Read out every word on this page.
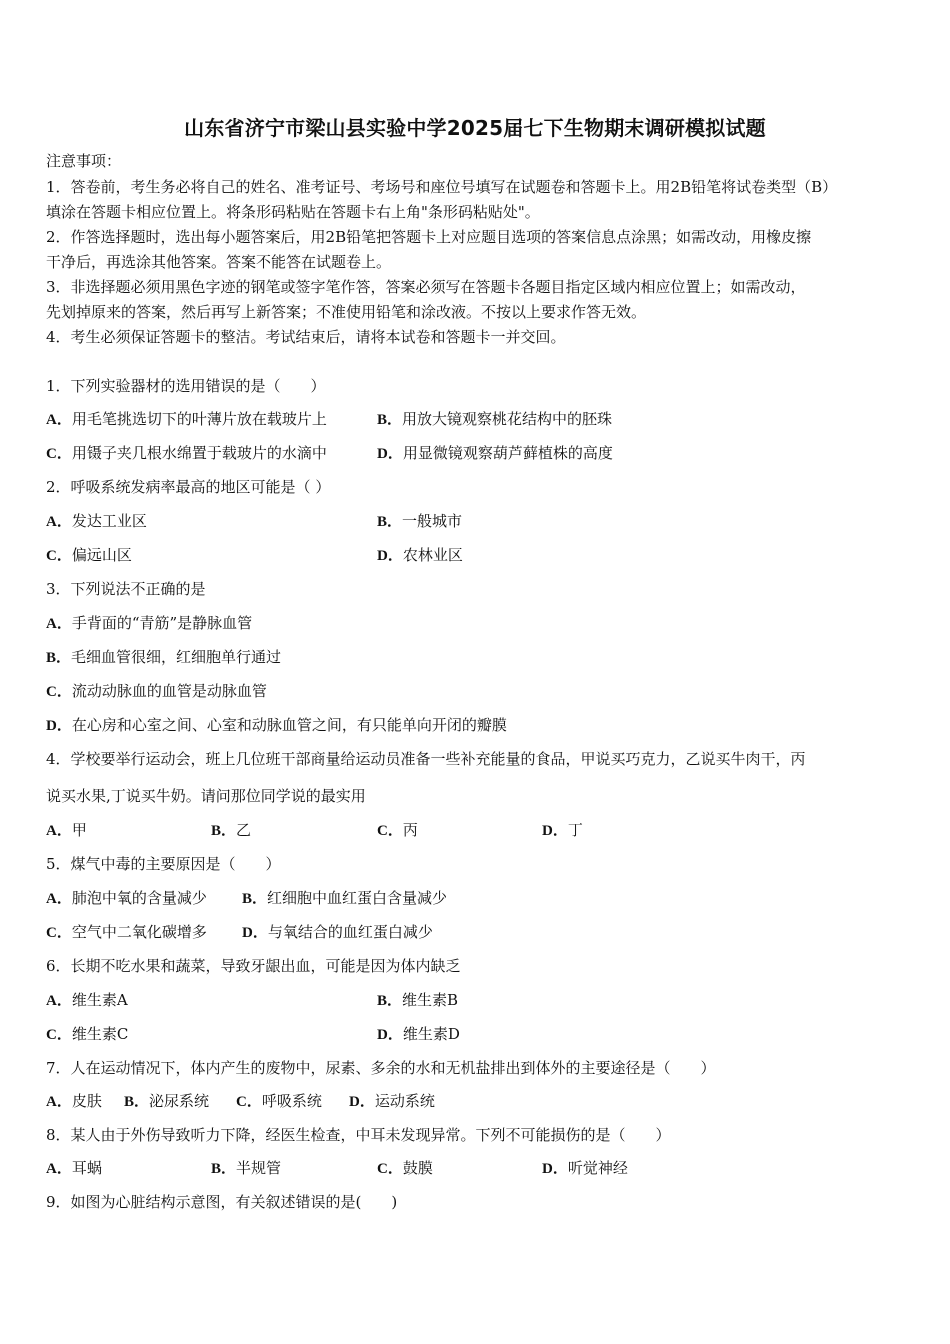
山东省济宁市梁山县实验中学2025届七下生物期末调研模拟试题
注意事项：
1．答卷前，考生务必将自己的姓名、准考证号、考场号和座位号填写在试题卷和答题卡上。用2B铅笔将试卷类型（B）
填涂在答题卡相应位置上。将条形码粘贴在答题卡右上角"条形码粘贴处"。
2．作答选择题时，选出每小题答案后，用2B铅笔把答题卡上对应题目选项的答案信息点涂黑；如需改动，用橡皮擦
干净后，再选涂其他答案。答案不能答在试题卷上。
3．非选择题必须用黑色字迹的钢笔或签字笔作答，答案必须写在答题卡各题目指定区域内相应位置上；如需改动，
先划掉原来的答案，然后再写上新答案；不准使用铅笔和涂改液。不按以上要求作答无效。
4．考生必须保证答题卡的整洁。考试结束后，请将本试卷和答题卡一并交回。
1．下列实验器材的选用错误的是（　　）
A．用毛笔挑选切下的叶薄片放在载玻片上	B．用放大镜观察桃花结构中的胚珠
C．用镊子夹几根水绵置于载玻片的水滴中	D．用显微镜观察葫芦藓植株的高度
2．呼吸系统发病率最高的地区可能是（ ）
A．发达工业区	B．一般城市
C．偏远山区	D．农林业区
3．下列说法不正确的是
A．手背面的“青筋”是静脉血管
B．毛细血管很细，红细胞单行通过
C．流动动脉血的血管是动脉血管
D．在心房和心室之间、心室和动脉血管之间，有只能单向开闭的瓣膜
4．学校要举行运动会，班上几位班干部商量给运动员准备一些补充能量的食品，甲说买巧克力，乙说买牛肉干，丙
说买水果,丁说买牛奶。请问那位同学说的最实用
A．甲	B．乙	C．丙	D．丁
5．煤气中毒的主要原因是（　　）
A．肺泡中氧的含量减少 B．红细胞中血红蛋白含量减少
C．空气中二氧化碳增多 D．与氧结合的血红蛋白减少
6．长期不吃水果和蔬菜，导致牙龈出血，可能是因为体内缺乏
A．维生素A	B．维生素B
C．维生素C	D．维生素D
7．人在运动情况下，体内产生的废物中，尿素、多余的水和无机盐排出到体外的主要途径是（　　）
A．皮肤 B．泌尿系统 C．呼吸系统 D．运动系统
8．某人由于外伤导致听力下降，经医生检查，中耳未发现异常。下列不可能损伤的是（　　）
A．耳蜗	B．半规管	C．鼓膜	D．听觉神经
9．如图为心脏结构示意图，有关叙述错误的是(　　)
